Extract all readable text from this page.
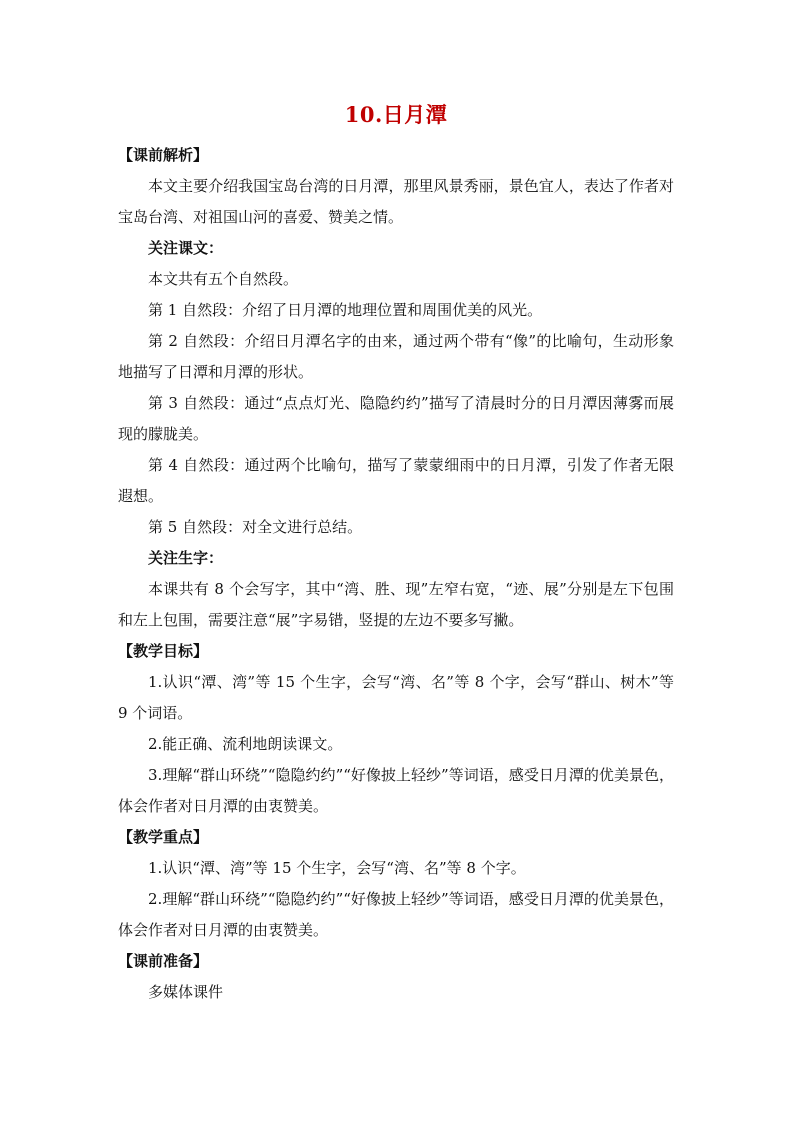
10.日月潭

【课前解析】

本文主要介绍我国宝岛台湾的日月潭，那里风景秀丽，景色宜人，表达了作者对宝岛台湾、对祖国山河的喜爱、赞美之情。

关注课文：

本文共有五个自然段。

第 1 自然段：介绍了日月潭的地理位置和周围优美的风光。

第 2 自然段：介绍日月潭名字的由来，通过两个带有“像”的比喻句，生动形象地描写了日潭和月潭的形状。

第 3 自然段：通过“点点灯光、隐隐约约”描写了清晨时分的日月潭因薄雾而展现的朦胧美。

第 4 自然段：通过两个比喻句，描写了蒙蒙细雨中的日月潭，引发了作者无限遐想。

第 5 自然段：对全文进行总结。

关注生字：

本课共有 8 个会写字，其中“湾、胜、现”左窄右宽，“迹、展”分别是左下包围和左上包围，需要注意“展”字易错，竖提的左边不要多写撇。

【教学目标】

1.认识“潭、湾”等 15 个生字，会写“湾、名”等 8 个字，会写“群山、树木”等 9 个词语。

2.能正确、流利地朗读课文。

3.理解“群山环绕”“隐隐约约”“好像披上轻纱”等词语，感受日月潭的优美景色，体会作者对日月潭的由衷赞美。

【教学重点】

1.认识“潭、湾”等 15 个生字，会写“湾、名”等 8 个字。

2.理解“群山环绕”“隐隐约约”“好像披上轻纱”等词语，感受日月潭的优美景色，体会作者对日月潭的由衷赞美。

【课前准备】

多媒体课件
